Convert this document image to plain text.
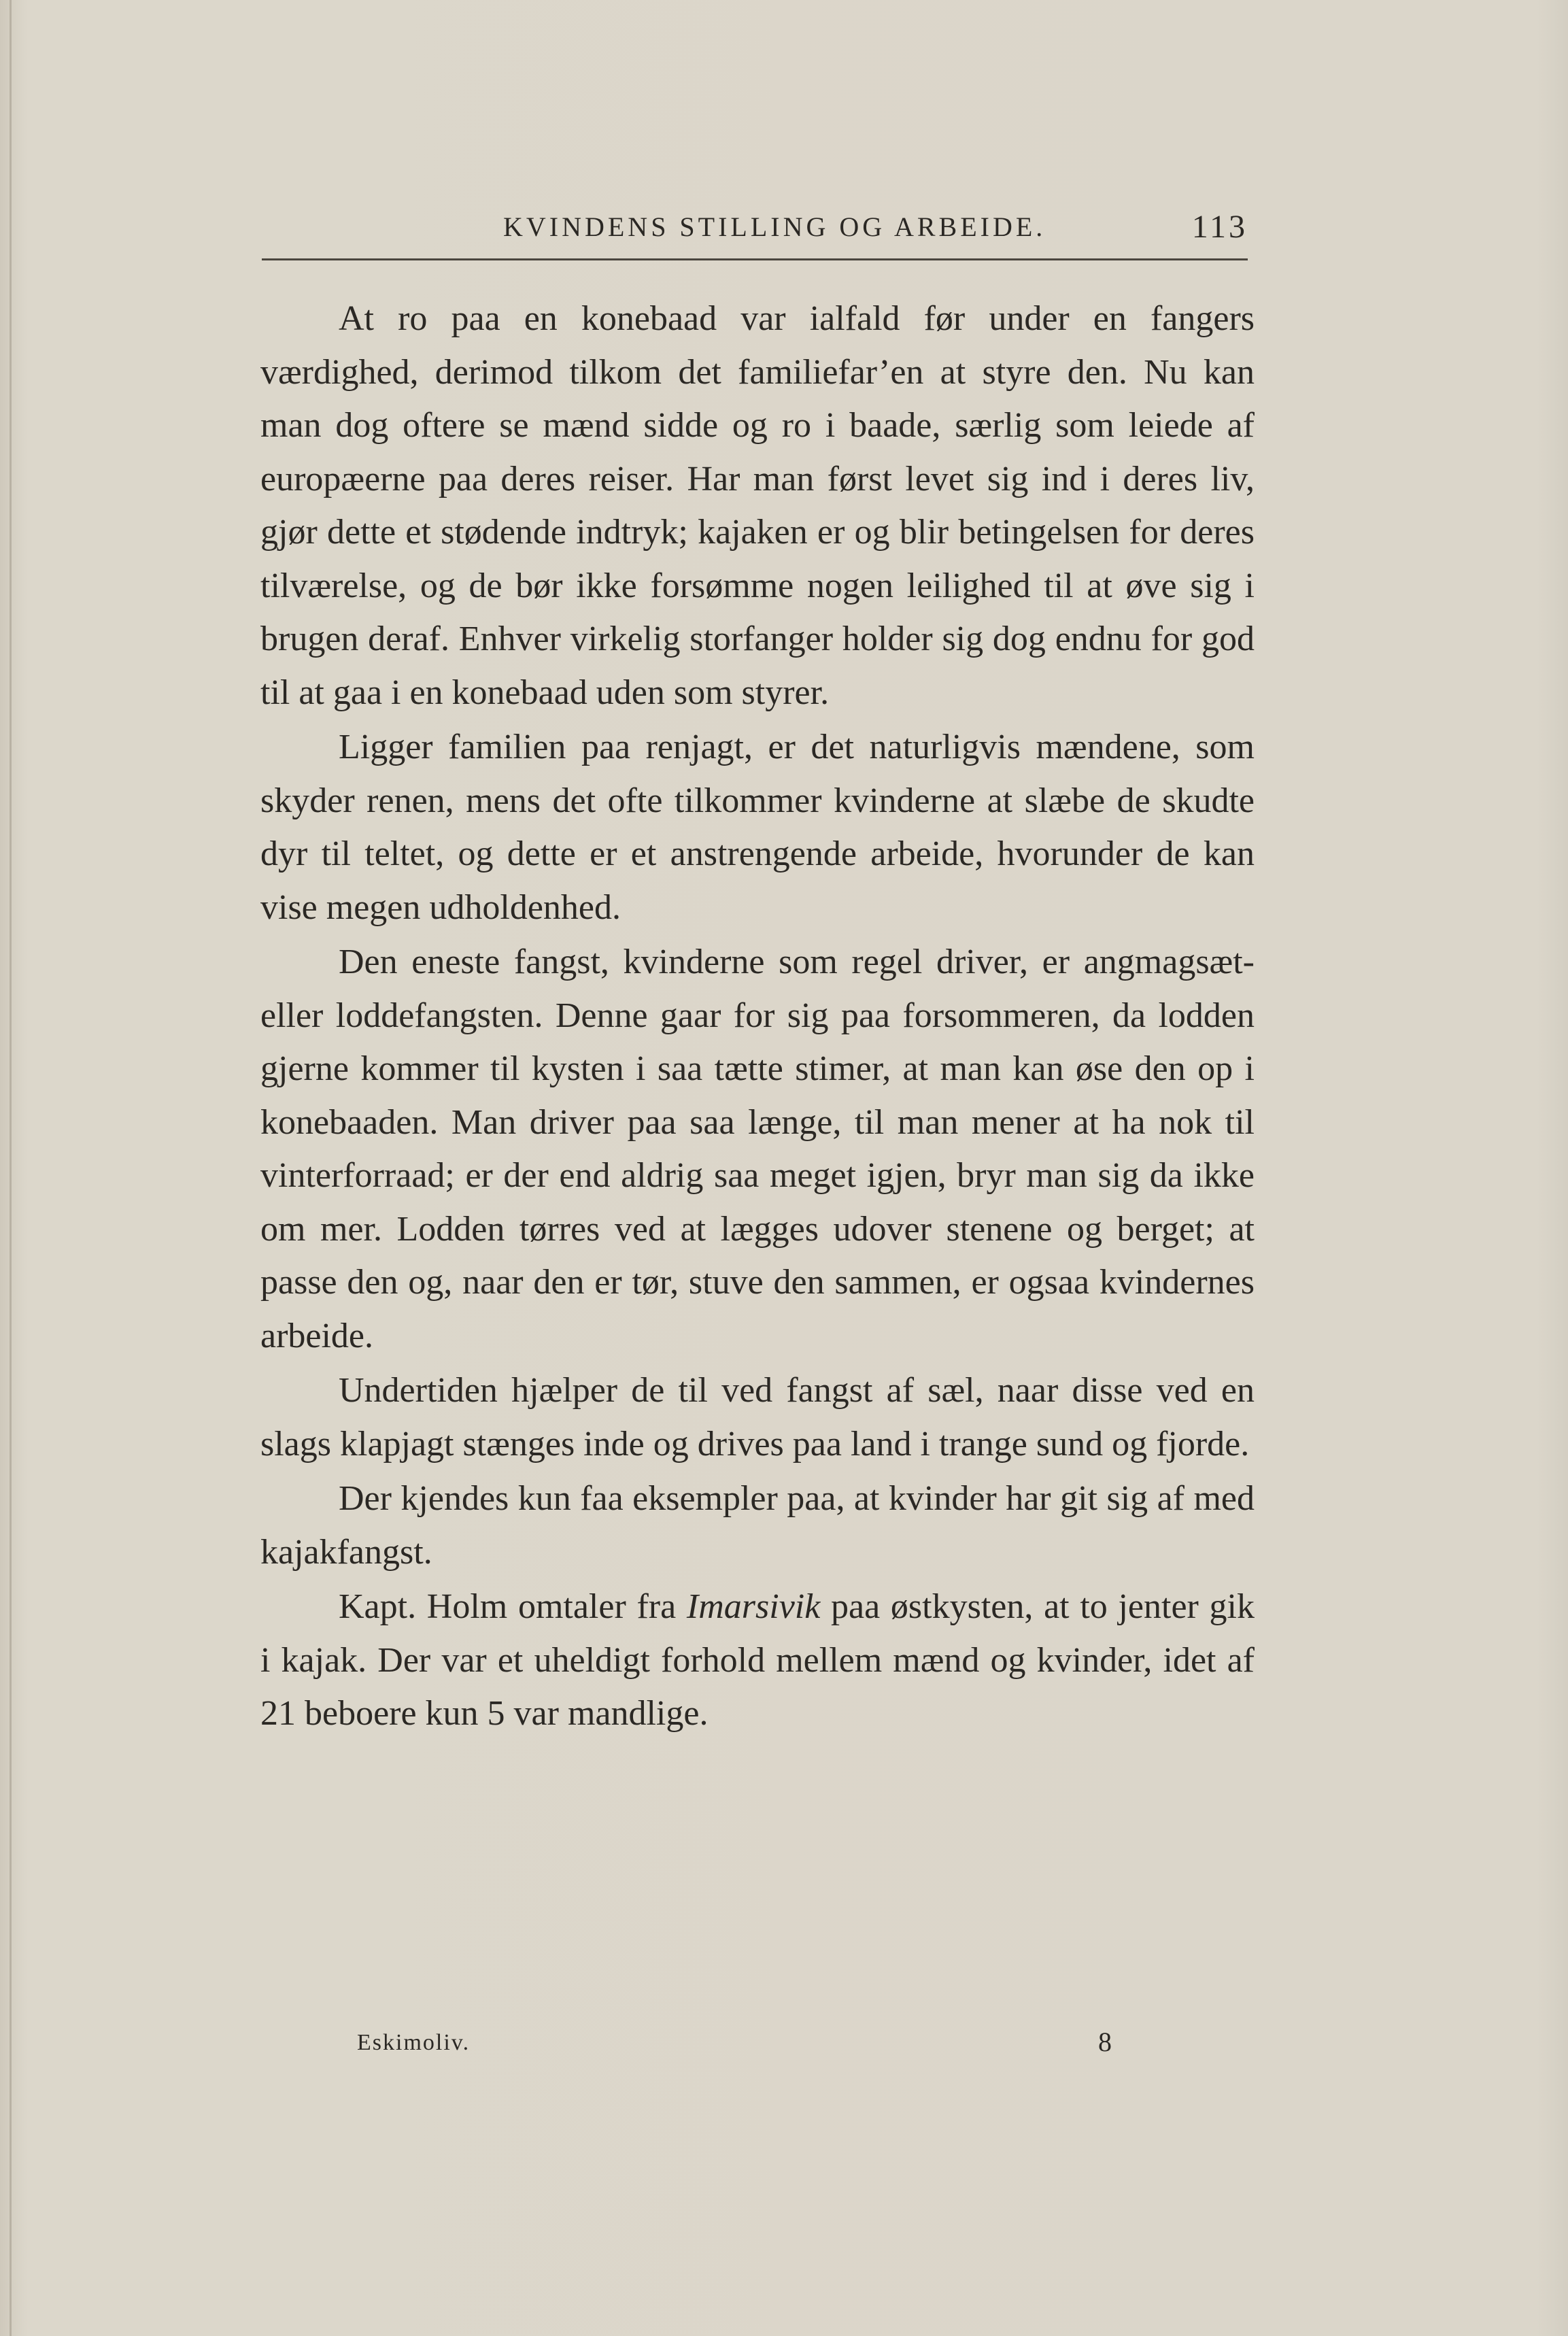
KVINDENS STILLING OG ARBEIDE.	113

At ro paa en konebaad var ialfald før under en fangers værdighed, derimod tilkom det familiefar’en at styre den. Nu kan man dog oftere se mænd sidde og ro i baade, særlig som leiede af europæerne paa deres reiser. Har man først levet sig ind i deres liv, gjør dette et stødende indtryk; kajaken er og blir betingelsen for deres tilværelse, og de bør ikke forsømme nogen leilighed til at øve sig i brugen deraf. Enhver virkelig storfanger holder sig dog endnu for god til at gaa i en konebaad uden som styrer.

Ligger familien paa renjagt, er det naturligvis mændene, som skyder renen, mens det ofte tilkommer kvinderne at slæbe de skudte dyr til teltet, og dette er et anstrengende arbeide, hvorunder de kan vise megen udholdenhed.

Den eneste fangst, kvinderne som regel driver, er angmagsæt- eller loddefangsten. Denne gaar for sig paa forsommeren, da lodden gjerne kommer til kysten i saa tætte stimer, at man kan øse den op i konebaaden. Man driver paa saa længe, til man mener at ha nok til vinterforraad; er der end aldrig saa meget igjen, bryr man sig da ikke om mer. Lodden tørres ved at lægges udover stenene og berget; at passe den og, naar den er tør, stuve den sammen, er ogsaa kvindernes arbeide.

Undertiden hjælper de til ved fangst af sæl, naar disse ved en slags klapjagt stænges inde og drives paa land i trange sund og fjorde.

Der kjendes kun faa eksempler paa, at kvinder har git sig af med kajakfangst.

Kapt. Holm omtaler fra Imarsivik paa østkysten, at to jenter gik i kajak. Der var et uheldigt forhold mellem mænd og kvinder, idet af 21 beboere kun 5 var mandlige.

Eskimoliv.	8
